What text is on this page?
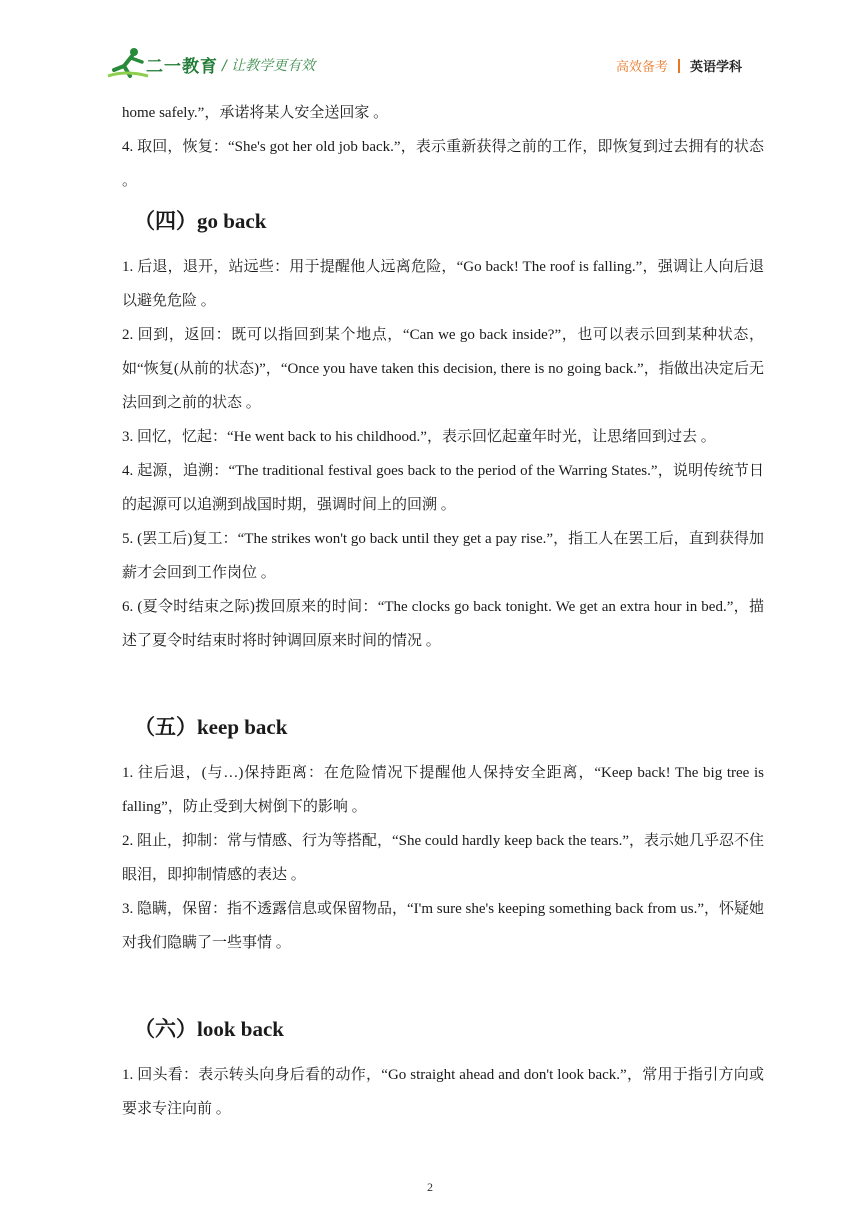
二一教育 / 让教学更有效	高效备考 英语学科

home safely.”，承诺将某人安全送回家 。

4. 取回，恢复：“She's got her old job back.”，表示重新获得之前的工作，即恢复到过去拥有的状态 。

（四）go back

1. 后退，退开，站远些：用于提醒他人远离危险，“Go back! The roof is falling.”，强调让人向后退以避免危险 。

2. 回到，返回：既可以指回到某个地点，“Can we go back inside?”，也可以表示回到某种状态，如“恢复(从前的状态)”，“Once you have taken this decision, there is no going back.”，指做出决定后无法回到之前的状态 。

3. 回忆，忆起：“He went back to his childhood.”，表示回忆起童年时光，让思绪回到过去 。

4. 起源，追溯：“The traditional festival goes back to the period of the Warring States.”，说明传统节日的起源可以追溯到战国时期，强调时间上的回溯 。

5. (罢工后)复工：“The strikes won't go back until they get a pay rise.”，指工人在罢工后，直到获得加薪才会回到工作岗位 。

6. (夏令时结束之际)拨回原来的时间：“The clocks go back tonight. We get an extra hour in bed.”，描述了夏令时结束时将时钟调回原来时间的情况 。

（五）keep back

1. 往后退，(与…)保持距离：在危险情况下提醒他人保持安全距离，“Keep back! The big tree is falling”，防止受到大树倒下的影响 。

2. 阻止，抑制：常与情感、行为等搭配，“She could hardly keep back the tears.”，表示她几乎忍不住眼泪，即抑制情感的表达 。

3. 隐瞒，保留：指不透露信息或保留物品，“I'm sure she's keeping something back from us.”，怀疑她对我们隐瞒了一些事情 。

（六）look back

1. 回头看：表示转头向身后看的动作，“Go straight ahead and don't look back.”，常用于指引方向或要求专注向前 。

2
